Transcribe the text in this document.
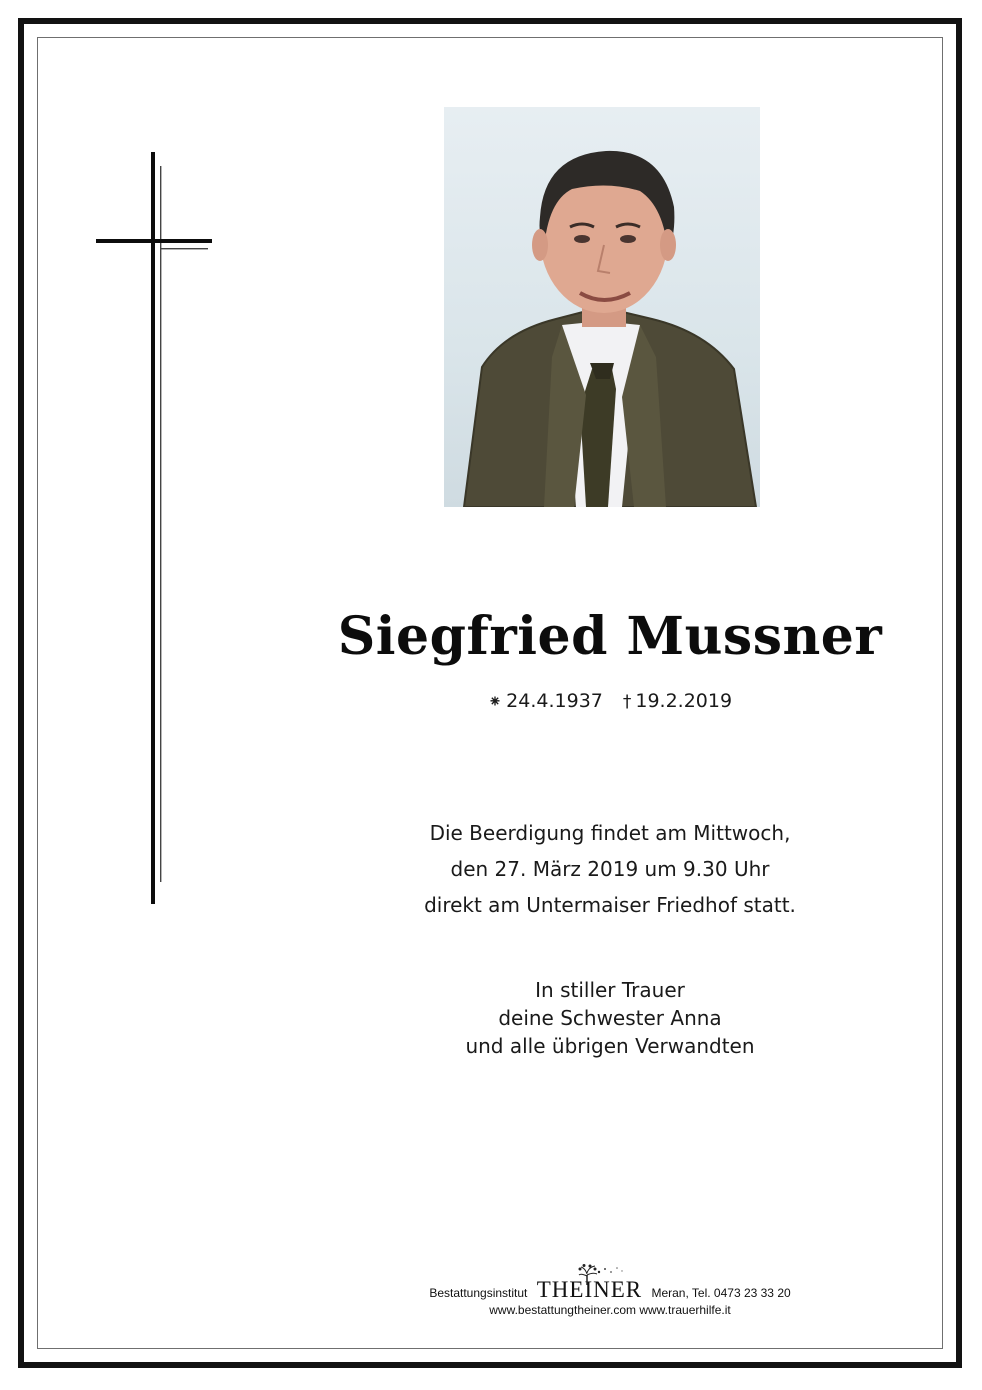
Siegfried Mussner
⁕ 24.4.1937 † 19.2.2019
Die Beerdigung findet am Mittwoch,
den 27. März 2019 um 9.30 Uhr
direkt am Untermaiser Friedhof statt.
In stiller Trauer
deine Schwester Anna
und alle übrigen Verwandten
Bestattungsinstitut THEINER Meran, Tel. 0473 23 33 20
www.bestattungtheiner.com www.trauerhilfe.it
